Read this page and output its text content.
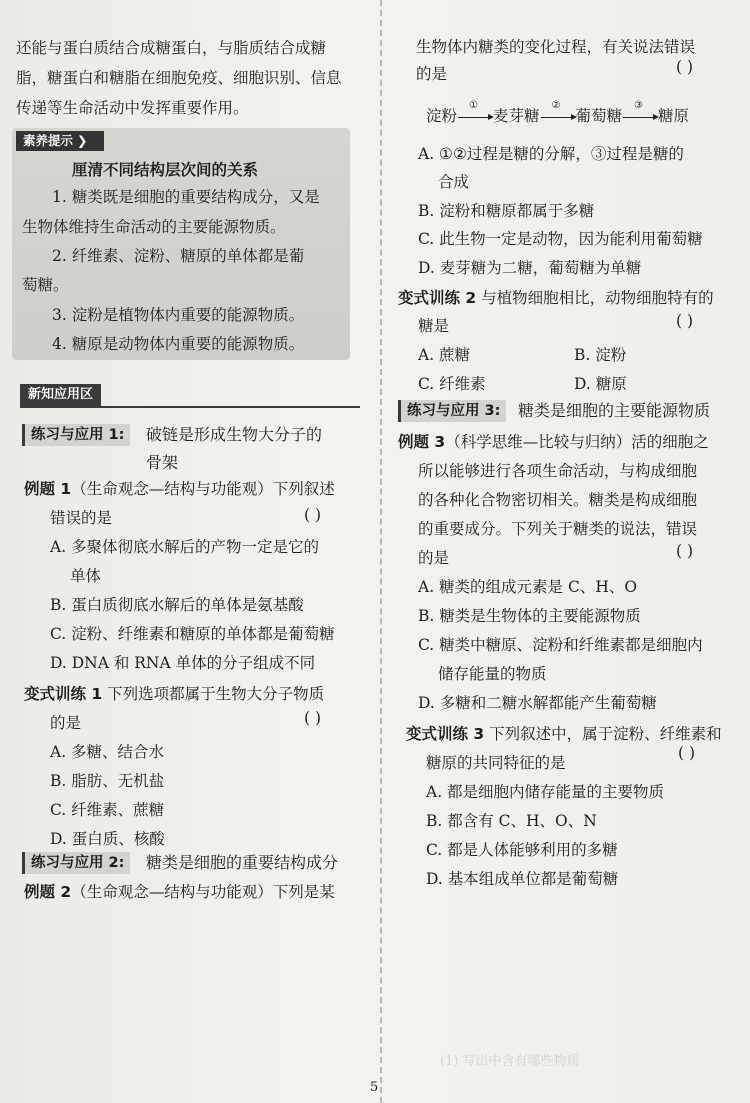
(1) 写出中含有哪些物质
还能与蛋白质结合成糖蛋白，与脂质结合成糖
脂，糖蛋白和糖脂在细胞免疫、细胞识别、信息
传递等生命活动中发挥重要作用。
素养提示 ❯
厘清不同结构层次间的关系
1. 糖类既是细胞的重要结构成分，又是
生物体维持生命活动的主要能源物质。
2. 纤维素、淀粉、糖原的单体都是葡
萄糖。
3. 淀粉是植物体内重要的能源物质。
4. 糖原是动物体内重要的能源物质。
新知应用区
练习与应用 1:	破链是形成生物大分子的
骨架
例题 1（生命观念—结构与功能观）下列叙述
错误的是	( )
A. 多聚体彻底水解后的产物一定是它的
单体
B. 蛋白质彻底水解后的单体是氨基酸
C. 淀粉、纤维素和糖原的单体都是葡萄糖
D. DNA 和 RNA 单体的分子组成不同
变式训练 1 下列选项都属于生物大分子物质
的是	( )
A. 多糖、结合水
B. 脂肪、无机盐
C. 纤维素、蔗糖
D. 蛋白质、核酸
练习与应用 2:	糖类是细胞的重要结构成分
例题 2（生命观念—结构与功能观）下列是某
生物体内糖类的变化过程，有关说法错误
的是	( )
淀粉
①
麦芽糖
②
葡萄糖
③
糖原
A. ①②过程是糖的分解，③过程是糖的
合成
B. 淀粉和糖原都属于多糖
C. 此生物一定是动物，因为能利用葡萄糖
D. 麦芽糖为二糖，葡萄糖为单糖
变式训练 2 与植物细胞相比，动物细胞特有的
糖是	( )
A. 蔗糖	B. 淀粉
C. 纤维素	D. 糖原
练习与应用 3:	糖类是细胞的主要能源物质
例题 3（科学思维—比较与归纳）活的细胞之
所以能够进行各项生命活动，与构成细胞
的各种化合物密切相关。糖类是构成细胞
的重要成分。下列关于糖类的说法，错误
的是	( )
A. 糖类的组成元素是 C、H、O
B. 糖类是生物体的主要能源物质
C. 糖类中糖原、淀粉和纤维素都是细胞内
储存能量的物质
D. 多糖和二糖水解都能产生葡萄糖
变式训练 3 下列叙述中，属于淀粉、纤维素和
糖原的共同特征的是
( )
A. 都是细胞内储存能量的主要物质
B. 都含有 C、H、O、N
C. 都是人体能够利用的多糖
D. 基本组成单位都是葡萄糖
5
